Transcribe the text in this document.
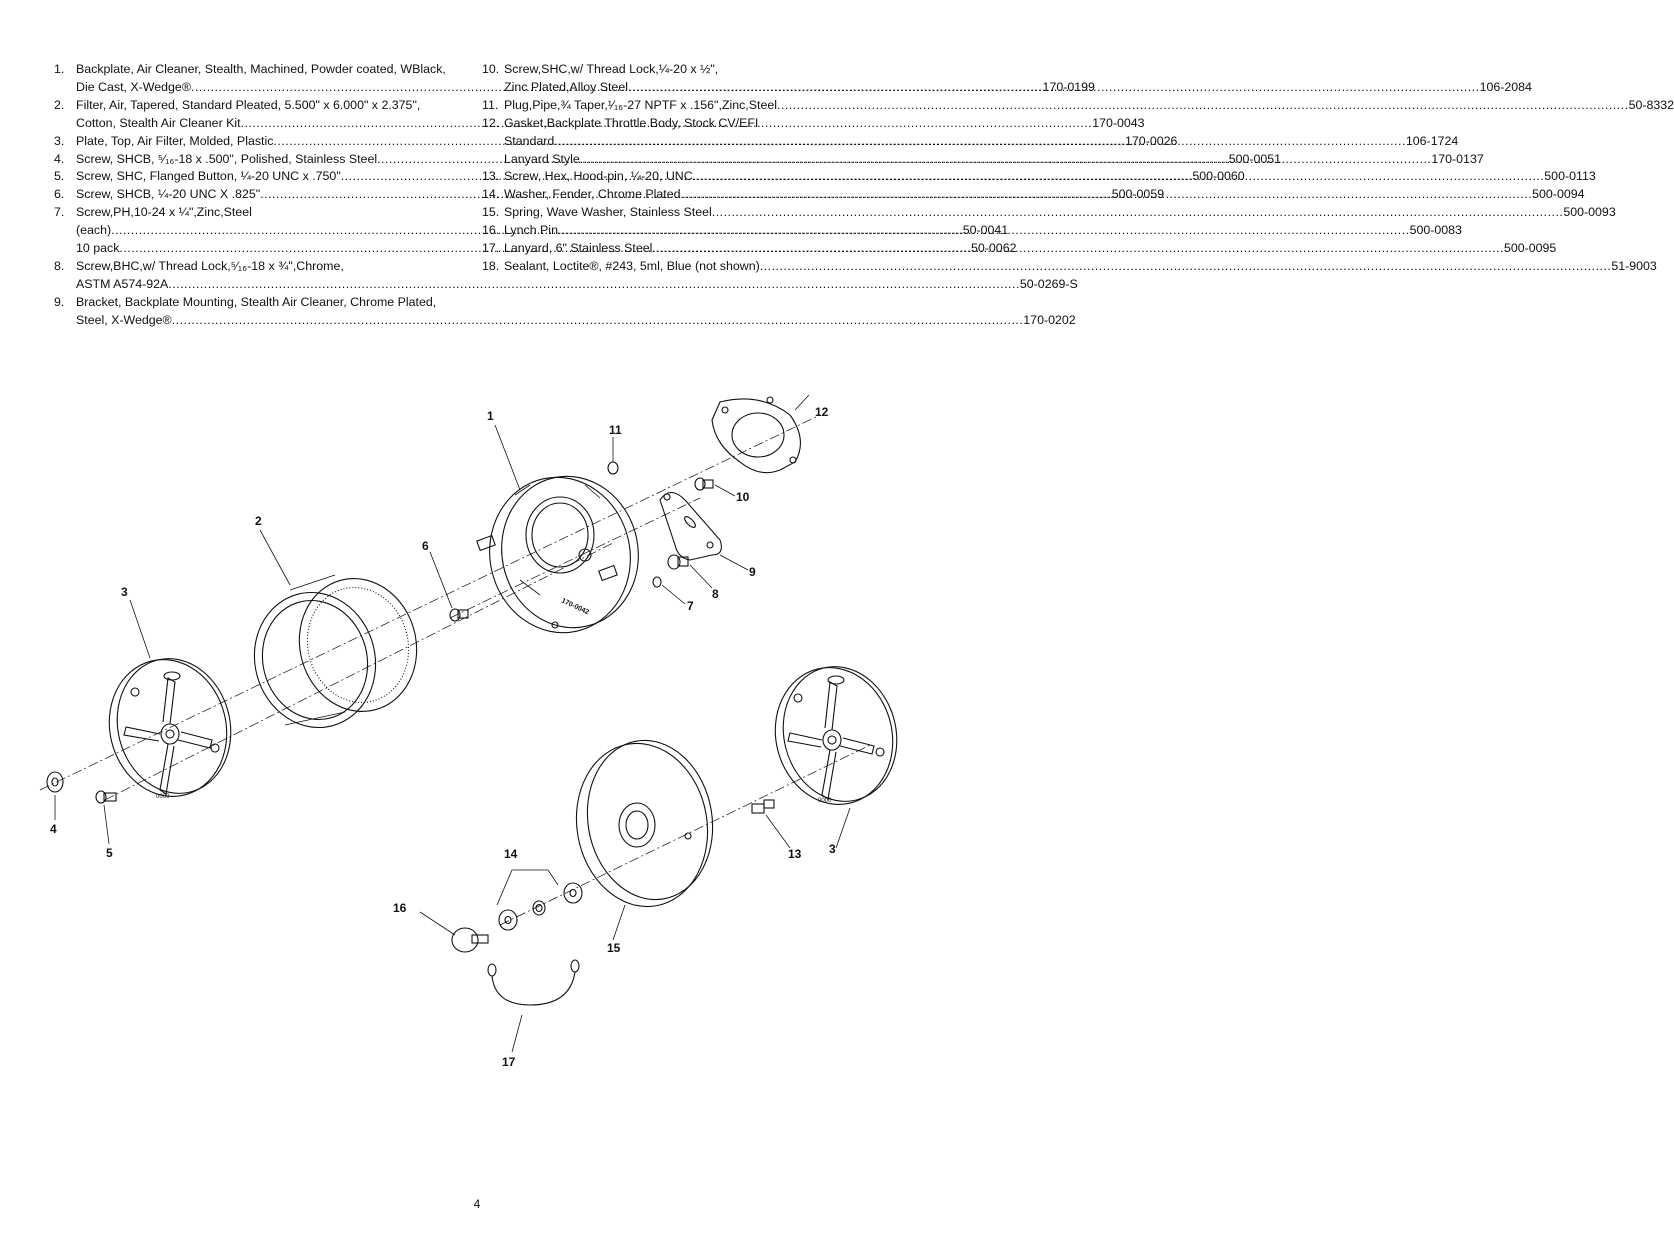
1. Backplate, Air Cleaner, Stealth, Machined, Powder coated, WBlack,
Die Cast, X-Wedge® .....	170-0199
2. Filter, Air, Tapered, Standard Pleated, 5.500" x 6.000" x 2.375",
Cotton, Stealth Air Cleaner Kit .....	170-0043
3. Plate, Top, Air Filter, Molded, Plastic .....	170-0026
4. Screw, SHCB, ⁵⁄₁₆-18 x .500", Polished, Stainless Steel .....	500-0051
5. Screw, SHC, Flanged Button, ¼-20 UNC x .750" .....	500-0060
6. Screw, SHCB, ¼-20 UNC X .825" .....	500-0059
7. Screw,PH,10-24 x ¼",Zinc,Steel
(each) .....	50-0041
10 pack .....	50-0062
8. Screw,BHC,w/ Thread Lock,⁵⁄₁₆-18 x ¾",Chrome,
ASTM A574-92A .....	50-0269-S
9. Bracket, Backplate Mounting, Stealth Air Cleaner, Chrome Plated,
Steel, X-Wedge® .....	170-0202
10. Screw,SHC,w/ Thread Lock,¼-20 x ½",
Zinc Plated,Alloy Steel .....	106-2084
11. Plug,Pipe,¾ Taper,¹⁄₁₆-27 NPTF x .156",Zinc,Steel .....	50-8332
12. Gasket,Backplate Throttle Body, Stock CV/EFI
Standard .....	106-1724
Lanyard Style .....	170-0137
13. Screw, Hex, Hood-pin, ¼-20, UNC .....	500-0113
14. Washer, Fender, Chrome Plated .....	500-0094
15. Spring, Wave Washer, Stainless Steel .....	500-0093
16. Lynch Pin .....	500-0083
17. Lanyard, 6" Stainless Steel .....	500-0095
18. Sealant, Loctite®, #243, 5ml, Blue (not shown) .....	51-9003
0000
170-0042
0000
1
2
3
3
4
5
6
7
8
9
10
11
12
13
14
15
16
17
4
